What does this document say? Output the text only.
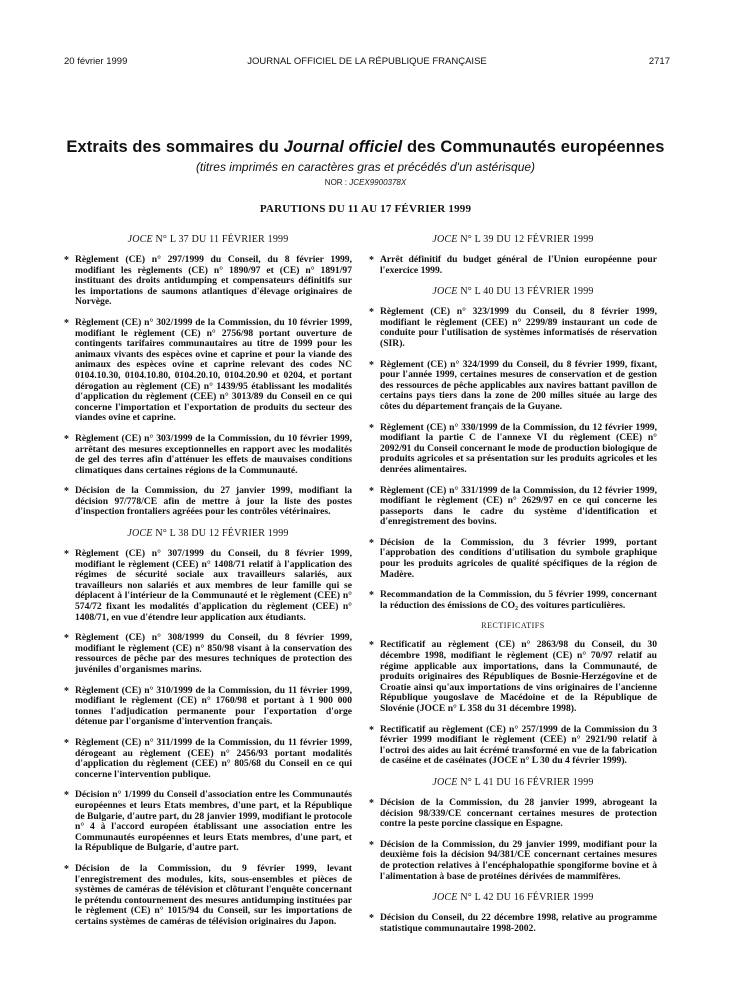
20 février 1999	JOURNAL OFFICIEL DE LA RÉPUBLIQUE FRANÇAISE	2717
Extraits des sommaires du Journal officiel des Communautés européennes
(titres imprimés en caractères gras et précédés d'un astérisque)
NOR : JCEX9900378X
PARUTIONS DU 11 AU 17 FÉVRIER 1999
JOCE N° L 37 DU 11 FÉVRIER 1999
* Règlement (CE) n° 297/1999 du Conseil, du 8 février 1999, modifiant les règlements (CE) n° 1890/97 et (CE) n° 1891/97 instituant des droits antidumping et compensateurs définitifs sur les importations de saumons atlantiques d'élevage originaires de Norvège.
* Règlement (CE) n° 302/1999 de la Commission, du 10 février 1999, modifiant le règlement (CE) n° 2756/98 portant ouverture de contingents tarifaires communautaires au titre de 1999 pour les animaux vivants des espèces ovine et caprine et pour la viande des animaux des espèces ovine et caprine relevant des codes NC 0104.10.30, 0104.10.80, 0104.20.10, 0104.20.90 et 0204, et portant dérogation au règlement (CE) n° 1439/95 établissant les modalités d'application du règlement (CEE) n° 3013/89 du Conseil en ce qui concerne l'importation et l'exportation de produits du secteur des viandes ovine et caprine.
* Règlement (CE) n° 303/1999 de la Commission, du 10 février 1999, arrêtant des mesures exceptionnelles en rapport avec les modalités de gel des terres afin d'atténuer les effets de mauvaises conditions climatiques dans certaines régions de la Communauté.
* Décision de la Commission, du 27 janvier 1999, modifiant la décision 97/778/CE afin de mettre à jour la liste des postes d'inspection frontaliers agréées pour les contrôles vétérinaires.
JOCE N° L 38 DU 12 FÉVRIER 1999
* Règlement (CE) n° 307/1999 du Conseil, du 8 février 1999, modifiant le règlement (CEE) n° 1408/71 relatif à l'application des régimes de sécurité sociale aux travailleurs salariés, aux travailleurs non salariés et aux membres de leur famille qui se déplacent à l'intérieur de la Communauté et le règlement (CEE) n° 574/72 fixant les modalités d'application du règlement (CEE) n° 1408/71, en vue d'étendre leur application aux étudiants.
* Règlement (CE) n° 308/1999 du Conseil, du 8 février 1999, modifiant le règlement (CE) n° 850/98 visant à la conservation des ressources de pêche par des mesures techniques de protection des juvéniles d'organismes marins.
* Règlement (CE) n° 310/1999 de la Commission, du 11 février 1999, modifiant le règlement (CE) n° 1760/98 et portant à 1 900 000 tonnes l'adjudication permanente pour l'exportation d'orge détenue par l'organisme d'intervention français.
* Règlement (CE) n° 311/1999 de la Commission, du 11 février 1999, dérogeant au règlement (CEE) n° 2456/93 portant modalités d'application du règlement (CEE) n° 805/68 du Conseil en ce qui concerne l'intervention publique.
* Décision n° 1/1999 du Conseil d'association entre les Communautés européennes et leurs Etats membres, d'une part, et la République de Bulgarie, d'autre part, du 28 janvier 1999, modifiant le protocole n° 4 à l'accord européen établissant une association entre les Communautés européennes et leurs Etats membres, d'une part, et la République de Bulgarie, d'autre part.
* Décision de la Commission, du 9 février 1999, levant l'enregistrement des modules, kits, sous-ensembles et pièces de systèmes de caméras de télévision et clôturant l'enquête concernant le prétendu contournement des mesures antidumping instituées par le règlement (CE) n° 1015/94 du Conseil, sur les importations de certains systèmes de caméras de télévision originaires du Japon.
JOCE N° L 39 DU 12 FÉVRIER 1999
* Arrêt définitif du budget général de l'Union européenne pour l'exercice 1999.
JOCE N° L 40 DU 13 FÉVRIER 1999
* Règlement (CE) n° 323/1999 du Conseil, du 8 février 1999, modifiant le règlement (CEE) n° 2299/89 instaurant un code de conduite pour l'utilisation de systèmes informatisés de réservation (SIR).
* Règlement (CE) n° 324/1999 du Conseil, du 8 février 1999, fixant, pour l'année 1999, certaines mesures de conservation et de gestion des ressources de pêche applicables aux navires battant pavillon de certains pays tiers dans la zone de 200 milles située au large des côtes du département français de la Guyane.
* Règlement (CE) n° 330/1999 de la Commission, du 12 février 1999, modifiant la partie C de l'annexe VI du règlement (CEE) n° 2092/91 du Conseil concernant le mode de production biologique de produits agricoles et sa présentation sur les produits agricoles et les denrées alimentaires.
* Règlement (CE) n° 331/1999 de la Commission, du 12 février 1999, modifiant le règlement (CE) n° 2629/97 en ce qui concerne les passeports dans le cadre du système d'identification et d'enregistrement des bovins.
* Décision de la Commission, du 3 février 1999, portant l'approbation des conditions d'utilisation du symbole graphique pour les produits agricoles de qualité spécifiques de la région de Madère.
* Recommandation de la Commission, du 5 février 1999, concernant la réduction des émissions de CO₂ des voitures particulières.
RECTIFICATIFS
* Rectificatif au règlement (CE) n° 2863/98 du Conseil, du 30 décembre 1998, modifiant le règlement (CE) n° 70/97 relatif au régime applicable aux importations, dans la Communauté, de produits originaires des Républiques de Bosnie-Herzégovine et de Croatie ainsi qu'aux importations de vins originaires de l'ancienne République yougoslave de Macédoine et de la République de Slovénie (JOCE n° L 358 du 31 décembre 1998).
* Rectificatif au règlement (CE) n° 257/1999 de la Commission du 3 février 1999 modifiant le règlement (CEE) n° 2921/90 relatif à l'octroi des aides au lait écrémé transformé en vue de la fabrication de caséine et de caséinates (JOCE n° L 30 du 4 février 1999).
JOCE N° L 41 DU 16 FÉVRIER 1999
* Décision de la Commission, du 28 janvier 1999, abrogeant la décision 98/339/CE concernant certaines mesures de protection contre la peste porcine classique en Espagne.
* Décision de la Commission, du 29 janvier 1999, modifiant pour la deuxième fois la décision 94/381/CE concernant certaines mesures de protection relatives à l'encéphalopathie spongiforme bovine et à l'alimentation à base de protéines dérivées de mammifères.
JOCE N° L 42 DU 16 FÉVRIER 1999
* Décision du Conseil, du 22 décembre 1998, relative au programme statistique communautaire 1998-2002.
